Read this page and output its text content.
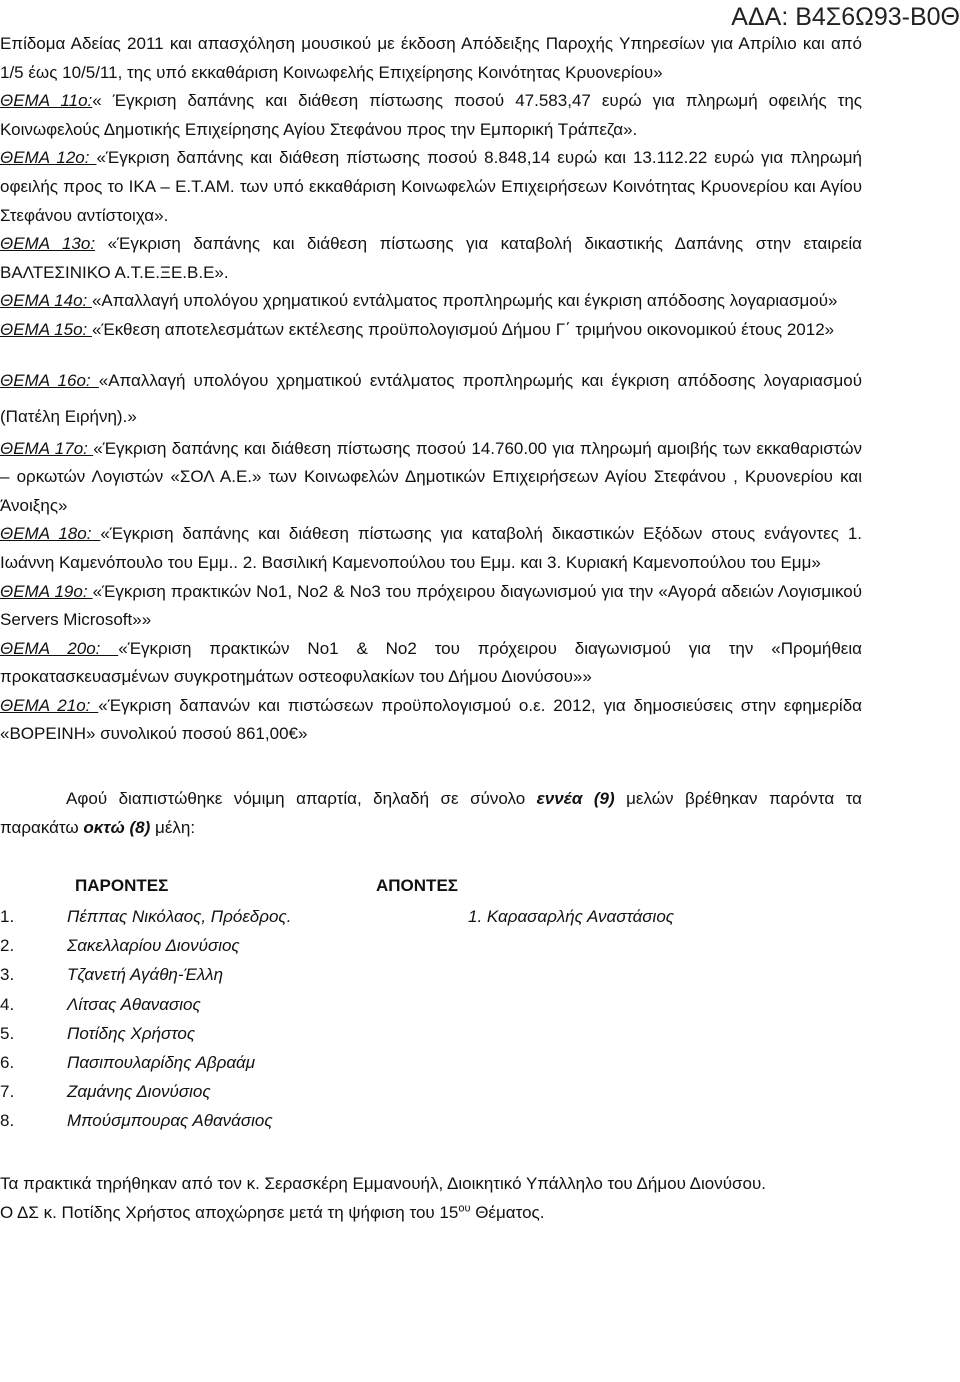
ΑΔΑ: Β4Σ6Ω93-Β0Θ

Επίδομα Αδείας 2011 και απασχόληση μουσικού με έκδοση Απόδειξης Παροχής Υπηρεσίων για Απρίλιο και από 1/5 έως 10/5/11, της υπό εκκαθάριση Κοινωφελής Επιχείρησης Κοινότητας Κρυονερίου»

ΘΕΜΑ 11ο:« Έγκριση δαπάνης και διάθεση πίστωσης ποσού 47.583,47 ευρώ για πληρωμή οφειλής της Κοινωφελούς Δημοτικής Επιχείρησης Αγίου Στεφάνου προς την Εμπορική Τράπεζα».

ΘΕΜΑ 12ο: «Έγκριση δαπάνης και διάθεση πίστωσης ποσού 8.848,14 ευρώ και 13.112.22 ευρώ για πληρωμή οφειλής προς το ΙΚΑ – Ε.Τ.ΑΜ. των υπό εκκαθάριση Κοινωφελών Επιχειρήσεων Κοινότητας Κρυονερίου και Αγίου Στεφάνου αντίστοιχα».

ΘΕΜΑ 13ο: «Έγκριση δαπάνης και διάθεση πίστωσης για καταβολή δικαστικής Δαπάνης στην εταιρεία ΒΑΛΤΕΣΙΝΙΚΟ Α.Τ.Ε.ΞΕ.Β.Ε».

ΘΕΜΑ 14ο: «Απαλλαγή υπολόγου χρηματικού εντάλματος προπληρωμής και έγκριση απόδοσης λογαριασμού»

ΘΕΜΑ 15ο: «Έκθεση αποτελεσμάτων εκτέλεσης προϋπολογισμού Δήμου Γ΄ τριμήνου οικονομικού έτους 2012»

ΘΕΜΑ 16ο: «Απαλλαγή υπολόγου χρηματικού εντάλματος προπληρωμής και έγκριση απόδοσης λογαριασμού (Πατέλη Ειρήνη).»

ΘΕΜΑ 17ο: «Έγκριση δαπάνης και διάθεση πίστωσης ποσού 14.760.00 για πληρωμή αμοιβής των εκκαθαριστών – ορκωτών Λογιστών «ΣΟΛ Α.Ε.» των Κοινωφελών Δημοτικών Επιχειρήσεων Αγίου Στεφάνου , Κρυονερίου και Άνοιξης»

ΘΕΜΑ 18ο: «Έγκριση δαπάνης και διάθεση πίστωσης για καταβολή δικαστικών Εξόδων στους ενάγοντες 1. Ιωάννη Καμενόπουλο του Εμμ.. 2. Βασιλική Καμενοπούλου του Εμμ. και 3. Κυριακή Καμενοπούλου του Εμμ»

ΘΕΜΑ 19ο: «Έγκριση πρακτικών Νο1, Νο2 & Νο3 του πρόχειρου διαγωνισμού για την «Αγορά αδειών Λογισμικού Servers Microsoft»»

ΘΕΜΑ 20ο: «Έγκριση πρακτικών Νο1 & Νο2 του πρόχειρου διαγωνισμού για την «Προμήθεια προκατασκευασμένων συγκροτημάτων οστεοφυλακίων του Δήμου Διονύσου»»

ΘΕΜΑ 21ο: «Έγκριση δαπανών και πιστώσεων προϋπολογισμού ο.ε. 2012, για δημοσιεύσεις στην εφημερίδα «ΒΟΡΕΙΝΗ» συνολικού ποσού 861,00€»

Αφού διαπιστώθηκε νόμιμη απαρτία, δηλαδή σε σύνολο εννέα (9) μελών βρέθηκαν παρόντα τα παρακάτω οκτώ (8) μέλη:

ΠΑΡΟΝΤΕΣ	ΑΠΟΝΤΕΣ
1.	Πέππας Νικόλαος, Πρόεδρος.	1. Καρασαρλής Αναστάσιος
2.	Σακελλαρίου Διονύσιος
3.	Τζανετή Αγάθη-Έλλη
4.	Λίτσας Αθανασιος
5.	Ποτίδης Χρήστος
6.	Πασιπουλαρίδης Αβραάμ
7.	Ζαμάνης Διονύσιος
8.	Μπούσμπουρας Αθανάσιος

Τα πρακτικά τηρήθηκαν από τον κ. Σερασκέρη Εμμανουήλ, Διοικητικό Υπάλληλο του Δήμου Διονύσου.

Ο ΔΣ κ. Ποτίδης Χρήστος αποχώρησε μετά τη ψήφιση του $15^{o\upsilon}$ Θέματος.
